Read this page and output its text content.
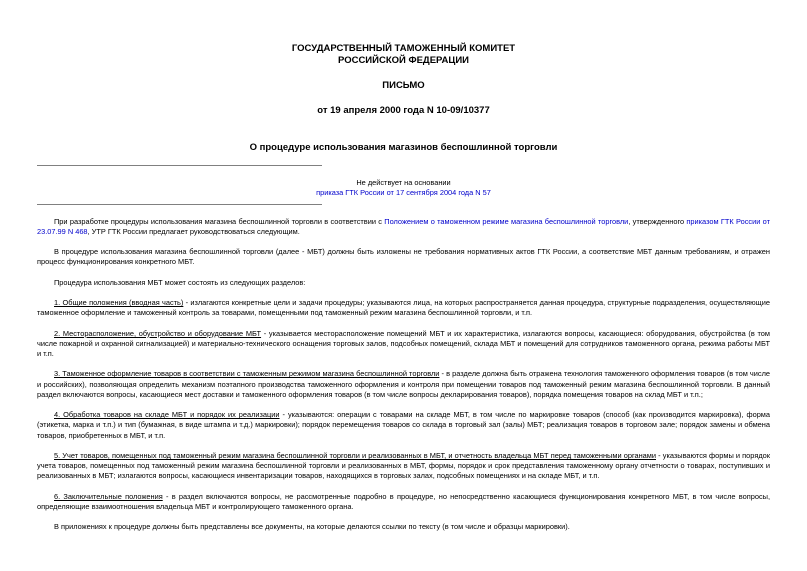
ГОСУДАРСТВЕННЫЙ ТАМОЖЕННЫЙ КОМИТЕТ
РОССИЙСКОЙ ФЕДЕРАЦИИ
ПИСЬМО
от 19 апреля 2000 года N 10-09/10377
О процедуре использования магазинов беспошлинной торговли
Не действует на основании
приказа ГТК России от 17 сентября 2004 года N 57

При разработке процедуры использования магазина беспошлинной торговли в соответствии с Положением о таможенном режиме магазина беспошлинной торговли, утвержденного приказом ГТК России от 23.07.99 N 468, УТР ГТК России предлагает руководствоваться следующим.

В процедуре использования магазина беспошлинной торговли (далее - МБТ) должны быть изложены не требования нормативных актов ГТК России, а соответствие МБТ данным требованиям, и отражен процесс функционирования конкретного МБТ.

Процедура использования МБТ может состоять из следующих разделов:

1. Общие положения (вводная часть) - излагаются конкретные цели и задачи процедуры; указываются лица, на которых распространяется данная процедура, структурные подразделения, осуществляющие таможенное оформление и таможенный контроль за товарами, помещенными под таможенный режим магазина беспошлинной торговли, и т.п.

2. Месторасположение, обустройство и оборудование МБТ - указывается месторасположение помещений МБТ и их характеристика, излагаются вопросы, касающиеся: оборудования, обустройства (в том числе пожарной и охранной сигнализацией) и материально-технического оснащения торговых залов, подсобных помещений, склада МБТ и помещений для сотрудников таможенного органа, режима работы МБТ и т.п.

3. Таможенное оформление товаров в соответствии с таможенным режимом магазина беспошлинной торговли - в разделе должна быть отражена технология таможенного оформления товаров (в том числе и российских), позволяющая определить механизм поэтапного производства таможенного оформления и контроля при помещении товаров под таможенный режим магазина беспошлинной торговли. В данный раздел включаются вопросы, касающиеся мест доставки и таможенного оформления товаров (в том числе вопросы декларирования товаров), порядка помещения товаров на склад МБТ и т.п.;

4. Обработка товаров на складе МБТ и порядок их реализации - указываются: операции с товарами на складе МБТ, в том числе по маркировке товаров (способ (как производится маркировка), форма (этикетка, марка и т.п.) и тип (бумажная, в виде штампа и т.д.) маркировки); порядок перемещения товаров со склада в торговый зал (залы) МБТ; реализация товаров в торговом зале; порядок замены и обмена товаров, приобретенных в МБТ, и т.п.

5. Учет товаров, помещенных под таможенный режим магазина беспошлинной торговли и реализованных в МБТ, и отчетность владельца МБТ перед таможенными органами - указываются формы и порядок учета товаров, помещенных под таможенный режим магазина беспошлинной торговли и реализованных в МБТ, формы, порядок и срок представления таможенному органу отчетности о товарах, поступивших и реализованных в МБТ; излагаются вопросы, касающиеся инвентаризации товаров, находящихся в торговых залах, подсобных помещениях и на складе МБТ, и т.п.

6. Заключительные положения - в раздел включаются вопросы, не рассмотренные подробно в процедуре, но непосредственно касающиеся функционирования конкретного МБТ, в том числе вопросы, определяющие взаимоотношения владельца МБТ и контролирующего таможенного органа.

В приложениях к процедуре должны быть представлены все документы, на которые делаются ссылки по тексту (в том числе и образцы маркировки).
